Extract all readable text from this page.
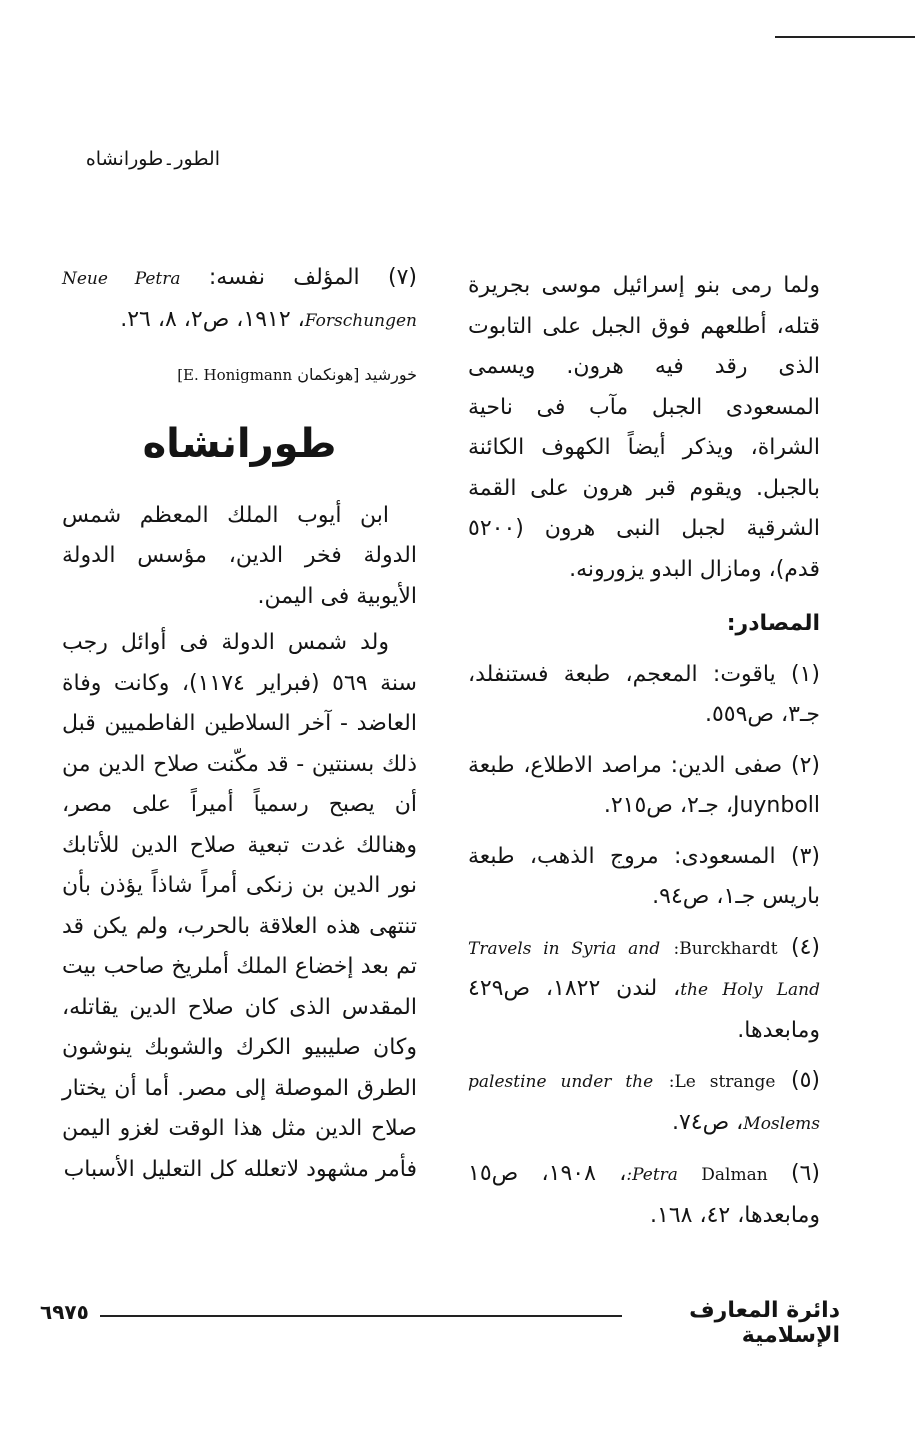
الطور۔طورانشاه

ولما رمى بنو إسرائيل موسى بجريرة قتله، أطلعهم فوق الجبل على التابوت الذى رقد فيه هرون. ويسمى المسعودى الجبل مآب فى ناحية الشراة، ويذكر أيضاً الكهوف الكائنة بالجبل. ويقوم قبر هرون على القمة الشرقية لجبل النبى هرون (٥٢٠٠ قدم)، ومازال البدو يزورونه.

المصادر:

(١) ياقوت: المعجم، طبعة فستنفلد، جـ٣، ص٥٥٩.

(٢) صفى الدين: مراصد الاطلاع، طبعة Juynboll، جـ٢، ص٢١٥.

(٣) المسعودى: مروج الذهب، طبعة باريس جـ١، ص٩٤.

(٤) :Burckhardt Travels in Syria and the Holy Land، لندن ١٨٢٢، ص٤٢٩ ومابعدها.

(٥) :Le strange palestine under the Moslems، ص٧٤.

(٦) Dalman :Petra، ١٩٠٨، ص١٥ ومابعدها، ٤٢، ١٦٨.

(٧) المؤلف نفسه: Neue Petra Forschungen، ١٩١٢، ص٢، ٨، ٢٦.

خورشيد [هونكمان [E. Honigmann

طورانشاه

ابن أيوب الملك المعظم شمس الدولة فخر الدين، مؤسس الدولة الأيوبية فى اليمن.

ولد شمس الدولة فى أوائل رجب سنة ٥٦٩ (فبراير ١١٧٤)، وكانت وفاة العاضد - آخر السلاطين الفاطميين قبل ذلك بسنتين - قد مكّنت صلاح الدين من أن يصبح رسمياً أميراً على مصر، وهنالك غدت تبعية صلاح الدين للأتابك نور الدين بن زنكى أمراً شاذاً يؤذن بأن تنتهى هذه العلاقة بالحرب، ولم يكن قد تم بعد إخضاع الملك أملريخ صاحب بيت المقدس الذى كان صلاح الدين يقاتله، وكان صليبيو الكرك والشوبك ينوشون الطرق الموصلة إلى مصر. أما أن يختار صلاح الدين مثل هذا الوقت لغزو اليمن فأمر مشهود لاتعلله كل التعليل الأسباب

٦٩٧٥	دائرة المعارف الإسلامية
